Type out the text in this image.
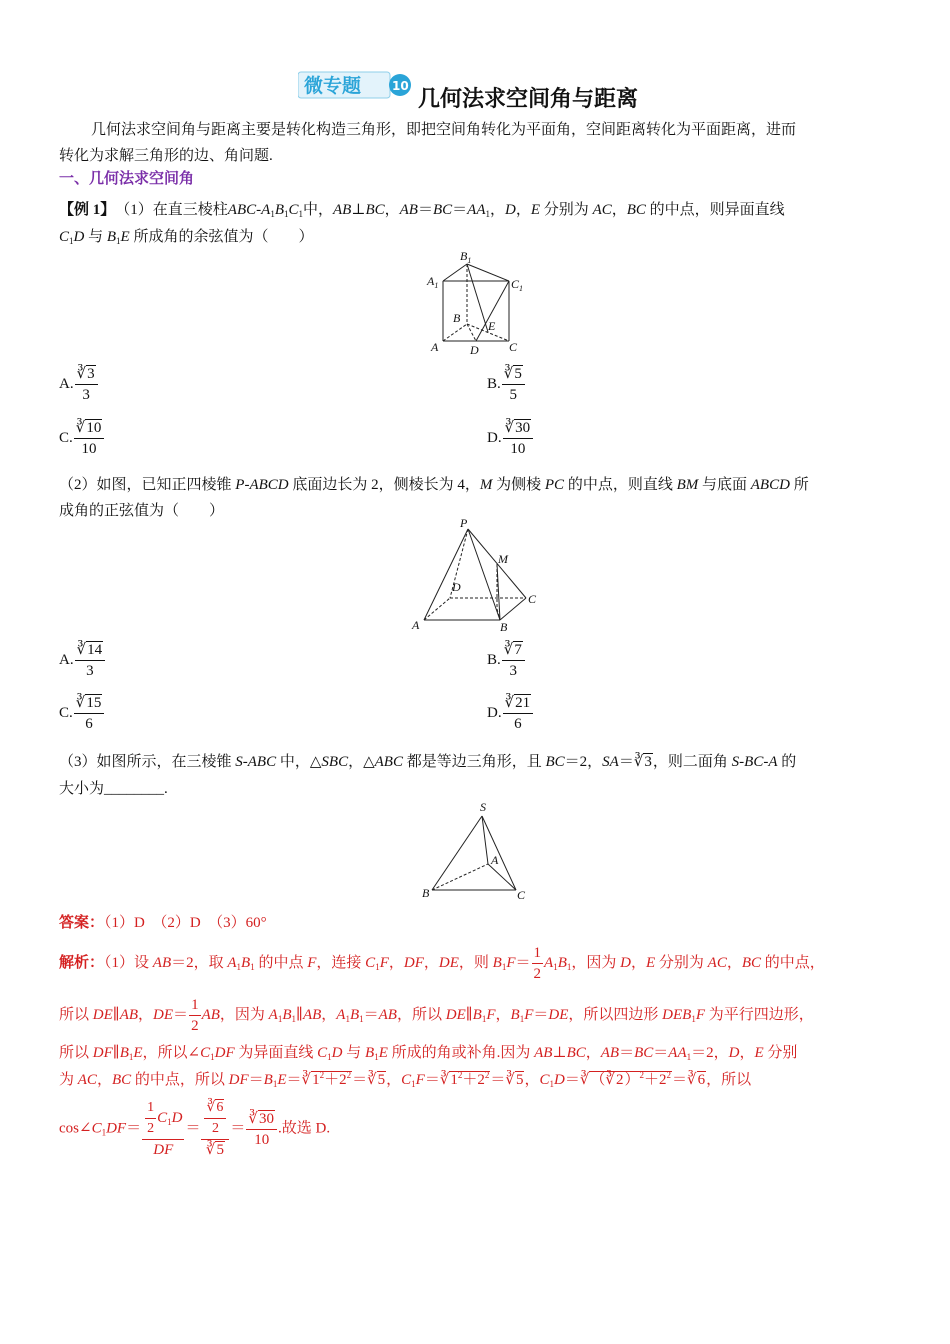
微专题	10
几何法求空间角与距离
几何法求空间角与距离主要是转化构造三角形，即把空间角转化为平面角，空间距离转化为平面距离，进而
转化为求解三角形的边、角问题.
一、几何法求空间角
【例 1】　 （1）在直三棱柱ABC-$A_1B_1C_1$中，AB⊥BC，$AB=BC=AA_1$，D，E 分别为 AC，BC 的中点，则异面直线
$C_1D$ 与 $B_1E$ 所成角的余弦值为（　　）
$B_1$
$A_1$	$C_1$
B
E
A	D	C
A. $\frac{∛3}{3}$	B. $\frac{∛5}{5}$
C. $\frac{∛10}{10}$	D. $\frac{∛30}{10}$
（2）如图，已知正四棱锥 P-ABCD 底面边长为 2，侧棱长为 4，M 为侧棱 PC 的中点，则直线 BM 与底面 ABCD 所
成角的正弦值为（　　）
P
M
D
C
A	B
A. $\frac{∛14}{3}$	B. $\frac{∛7}{3}$
C. $\frac{∛15}{6}$	D. $\frac{∛21}{6}$
（3）如图所示，在三棱锥 S-ABC 中，△SBC，△ABC 都是等边三角形，且 BC＝2，SA＝∛3，则二面角 S-BC-A 的
大小为________.
S
A
B	C
答案：（1）D　（2）D　（3）60°
解析：（1）设 AB＝2，取 $A_1B_1$ 的中点 F，连接 $C_1F$，DF，DE，则 $B_1F= \frac{1}{2} A_1B_1$，因为 D，E 分别为 AC，BC 的中点，
所以 DE∥AB，$DE= \frac{1}{2}$ AB，因为 $A_1B_1\parallel AB$，$A_1B_1=AB$，所以 $DE\parallel B_1F$，$B_1F=DE$，所以四边形 $DEB_1F$ 为平行四边形，
所以 $DF\parallel B_1E$，所以$\angle C_1DF$ 为异面直线 $C_1D$ 与 $B_1E$ 所成的角或补角.因为 AB⊥BC，$AB=BC=AA_1=2$，D，E 分别
为 AC，BC 的中点，所以 $DF=B_1E=∛1^2+2^2=∛5$，$C_1F=∛1^2+2^2=∛5$，$C_1D=∛(∛2)^2+2^2=∛6$，所以
$\cos\angle C_1DF= \frac{\frac{1}{2} C_1D}{DF} = \frac{\frac{∛6}{2}}{∛5} = \frac{∛30}{10}$ .故选 D.
